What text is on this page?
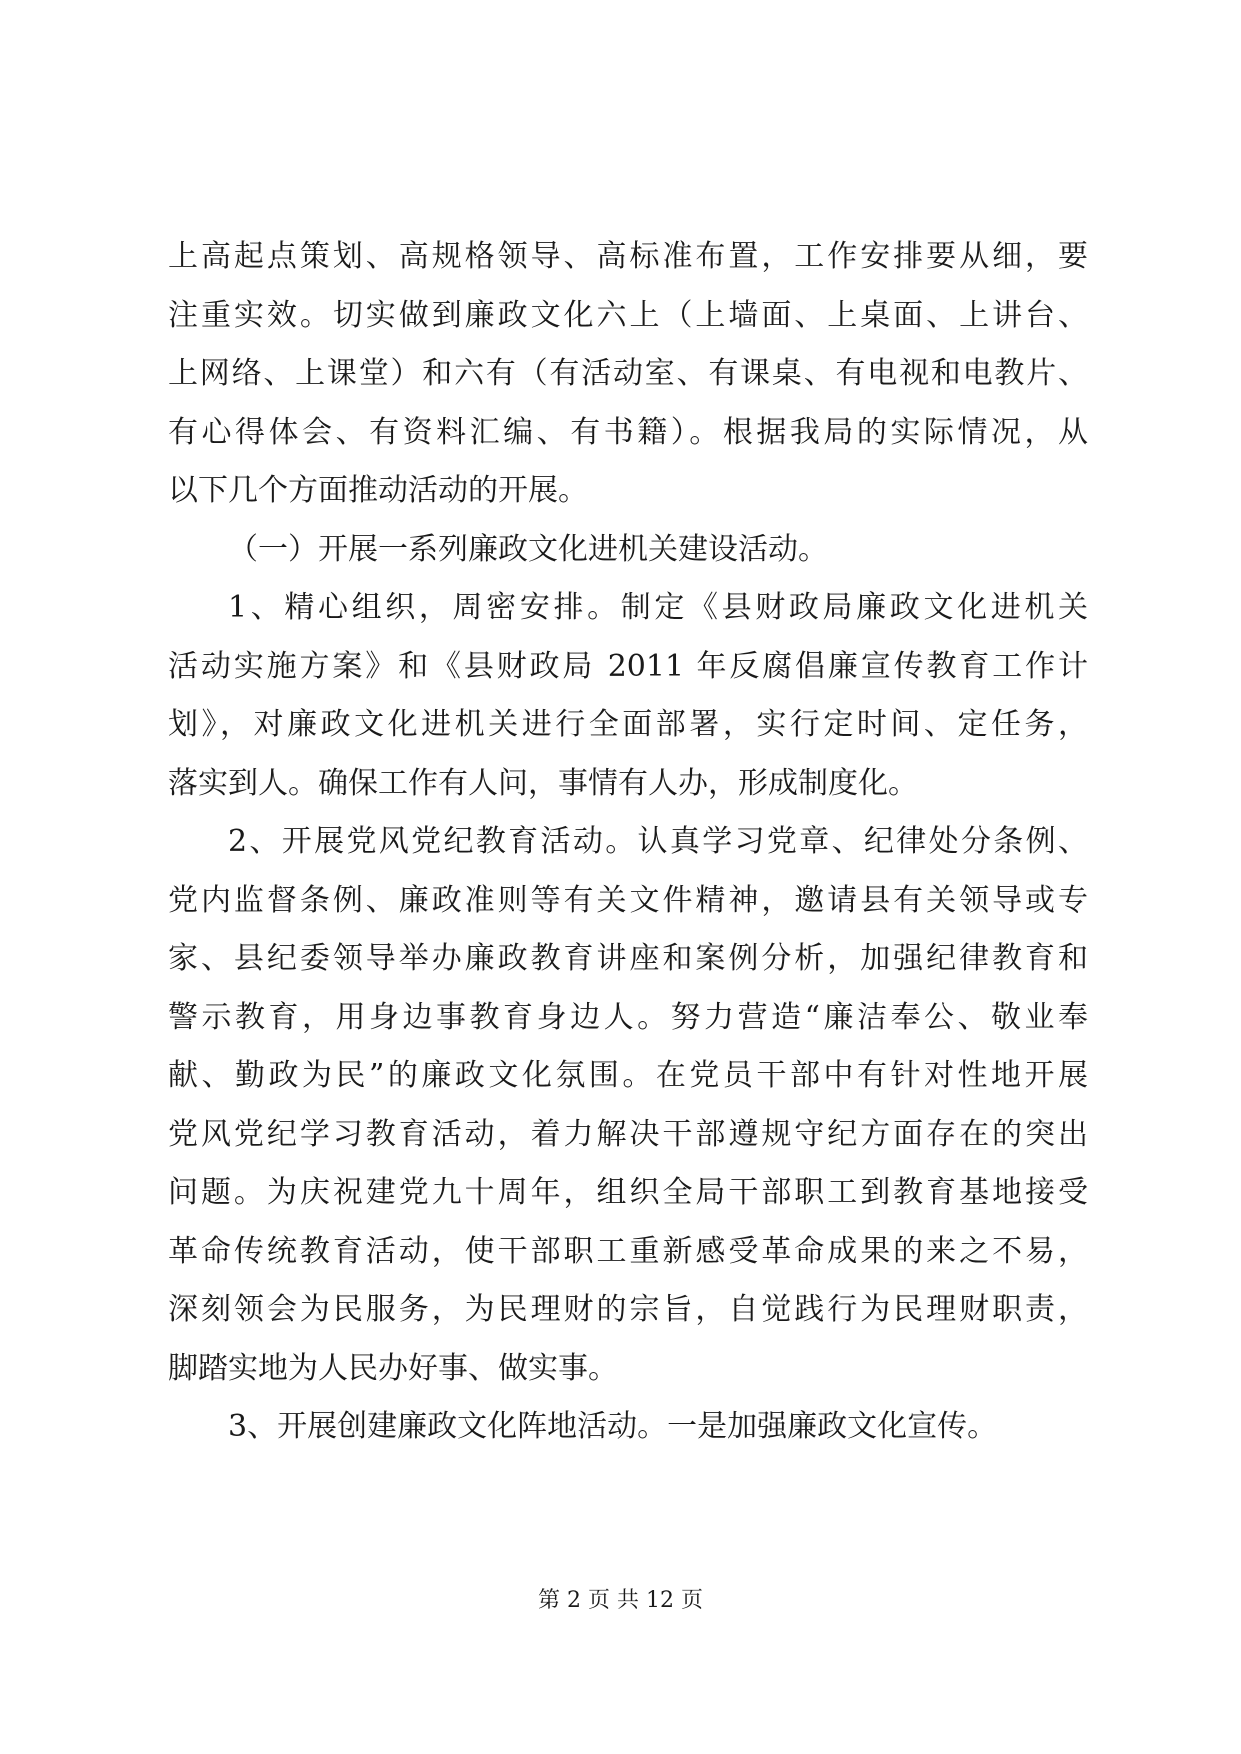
上高起点策划、高规格领导、高标准布置，工作安排要从细，要
注重实效。切实做到廉政文化六上（上墙面、上桌面、上讲台、
上网络、上课堂）和六有（有活动室、有课桌、有电视和电教片、
有心得体会、有资料汇编、有书籍）。根据我局的实际情况，从
以下几个方面推动活动的开展。
（一）开展一系列廉政文化进机关建设活动。
1、精心组织，周密安排。制定《县财政局廉政文化进机关
活动实施方案》和《县财政局 2011 年反腐倡廉宣传教育工作计
划》，对廉政文化进机关进行全面部署，实行定时间、定任务，
落实到人。确保工作有人问，事情有人办，形成制度化。
2、开展党风党纪教育活动。认真学习党章、纪律处分条例、
党内监督条例、廉政准则等有关文件精神，邀请县有关领导或专
家、县纪委领导举办廉政教育讲座和案例分析，加强纪律教育和
警示教育，用身边事教育身边人。努力营造“廉洁奉公、敬业奉
献、勤政为民”的廉政文化氛围。在党员干部中有针对性地开展
党风党纪学习教育活动，着力解决干部遵规守纪方面存在的突出
问题。为庆祝建党九十周年，组织全局干部职工到教育基地接受
革命传统教育活动，使干部职工重新感受革命成果的来之不易，
深刻领会为民服务，为民理财的宗旨，自觉践行为民理财职责，
脚踏实地为人民办好事、做实事。
3、开展创建廉政文化阵地活动。一是加强廉政文化宣传。
第 2 页 共 12 页
